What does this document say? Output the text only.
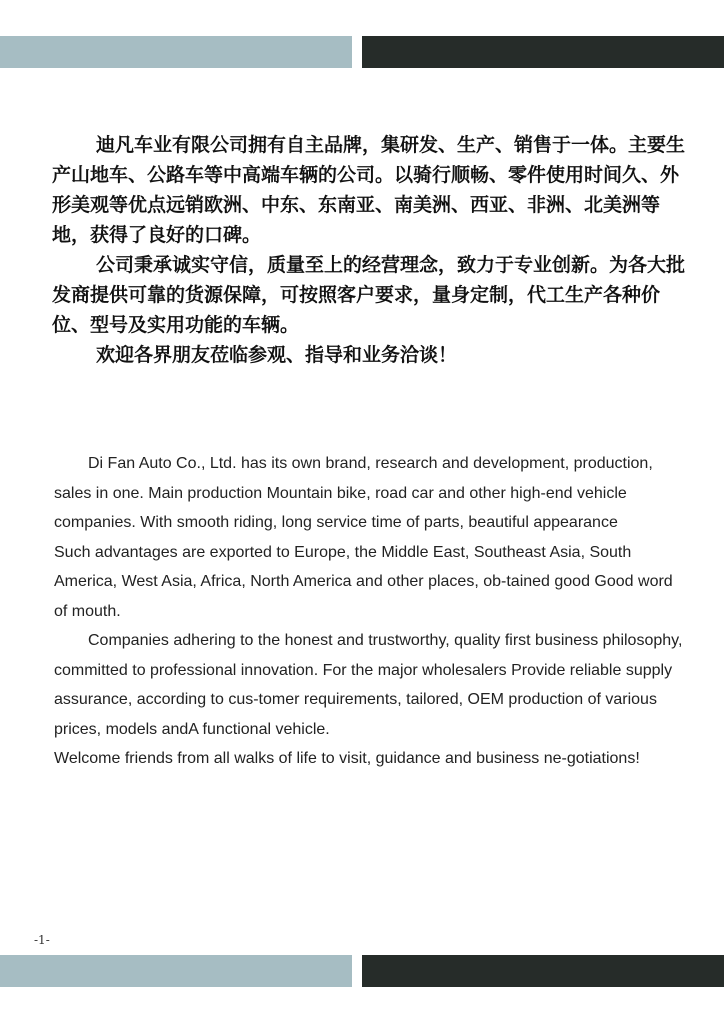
迪凡车业有限公司拥有自主品牌，集研发、生产、销售于一体。主要生产山地车、公路车等中高端车辆的公司。以骑行顺畅、零件使用时间久、外形美观等优点远销欧洲、中东、东南亚、南美洲、西亚、非洲、北美洲等地，获得了良好的口碑。

公司秉承诚实守信，质量至上的经营理念，致力于专业创新。为各大批发商提供可靠的货源保障，可按照客户要求，量身定制，代工生产各种价位、型号及实用功能的车辆。

欢迎各界朋友莅临参观、指导和业务洽谈！

Di Fan Auto Co., Ltd. has its own brand, research and development, production, sales in one. Main production Mountain bike, road car and other high-end vehicle companies. With smooth riding, long service time of parts, beautiful appearance

Such advantages are exported to Europe, the Middle East, Southeast Asia, South America, West Asia, Africa, North America and other places, ob-tained good Good word of mouth.

Companies adhering to the honest and trustworthy, quality first business philosophy, committed to professional innovation. For the major wholesalers Provide reliable supply assurance, according to cus-tomer requirements, tailored, OEM production of various prices, models andA functional vehicle.

Welcome friends from all walks of life to visit, guidance and business ne-gotiations!

-1-
